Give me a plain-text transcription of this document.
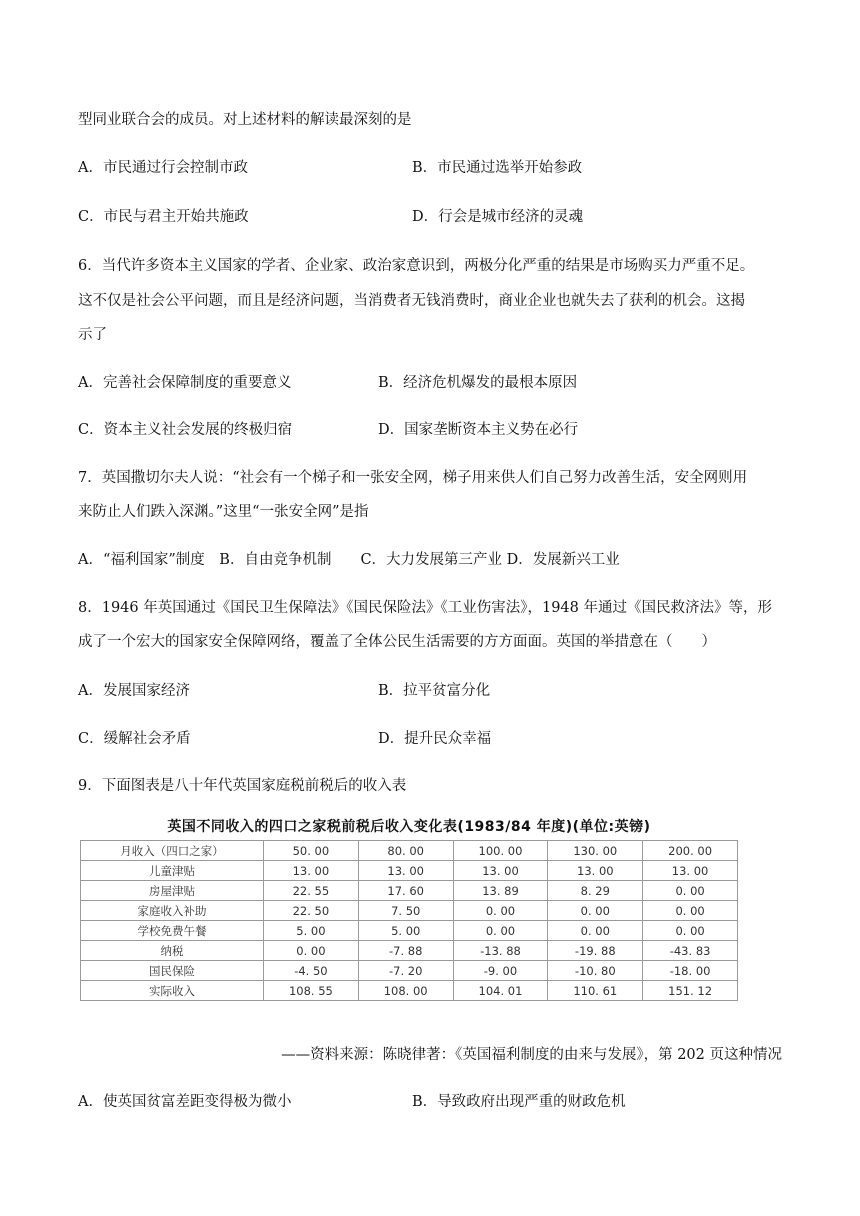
型同业联合会的成员。对上述材料的解读最深刻的是
A．市民通过行会控制市政	B．市民通过选举开始参政
C．市民与君主开始共施政	D．行会是城市经济的灵魂
6．当代许多资本主义国家的学者、企业家、政治家意识到，两极分化严重的结果是市场购买力严重不足。
这不仅是社会公平问题，而且是经济问题，当消费者无钱消费时，商业企业也就失去了获利的机会。这揭
示了
A．完善社会保障制度的重要意义	B．经济危机爆发的最根本原因
C．资本主义社会发展的终极归宿	D．国家垄断资本主义势在必行
7．英国撒切尔夫人说：“社会有一个梯子和一张安全网，梯子用来供人们自己努力改善生活，安全网则用
来防止人们跌入深渊。”这里“一张安全网”是指
A．“福利国家”制度　B．自由竞争机制　　C．大力发展第三产业 D．发展新兴工业
8．1946 年英国通过《国民卫生保障法》《国民保险法》《工业伤害法》，1948 年通过《国民救济法》等，形
成了一个宏大的国家安全保障网络，覆盖了全体公民生活需要的方方面面。英国的举措意在（　　）
A．发展国家经济	B．拉平贫富分化
C．缓解社会矛盾	D．提升民众幸福
9．下面图表是八十年代英国家庭税前税后的收入表
英国不同收入的四口之家税前税后收入变化表(1983/84 年度)(单位:英镑)
月收入（四口之家）	50. 00	80. 00	100. 00	130. 00	200. 00
儿童津贴	13. 00	13. 00	13. 00	13. 00	13. 00
房屋津贴	22. 55	17. 60	13. 89	8. 29	0. 00
家庭收入补助	22. 50	7. 50	0. 00	0. 00	0. 00
学校免费午餐	5. 00	5. 00	0. 00	0. 00	0. 00
纳税	0. 00	-7. 88	-13. 88	-19. 88	-43. 83
国民保险	-4. 50	-7. 20	-9. 00	-10. 80	-18. 00
实际收入	108. 55	108. 00	104. 01	110. 61	151. 12
——资料来源：陈晓律著：《英国福利制度的由来与发展》，第 202 页这种情况
A．使英国贫富差距变得极为微小	B．导致政府出现严重的财政危机
